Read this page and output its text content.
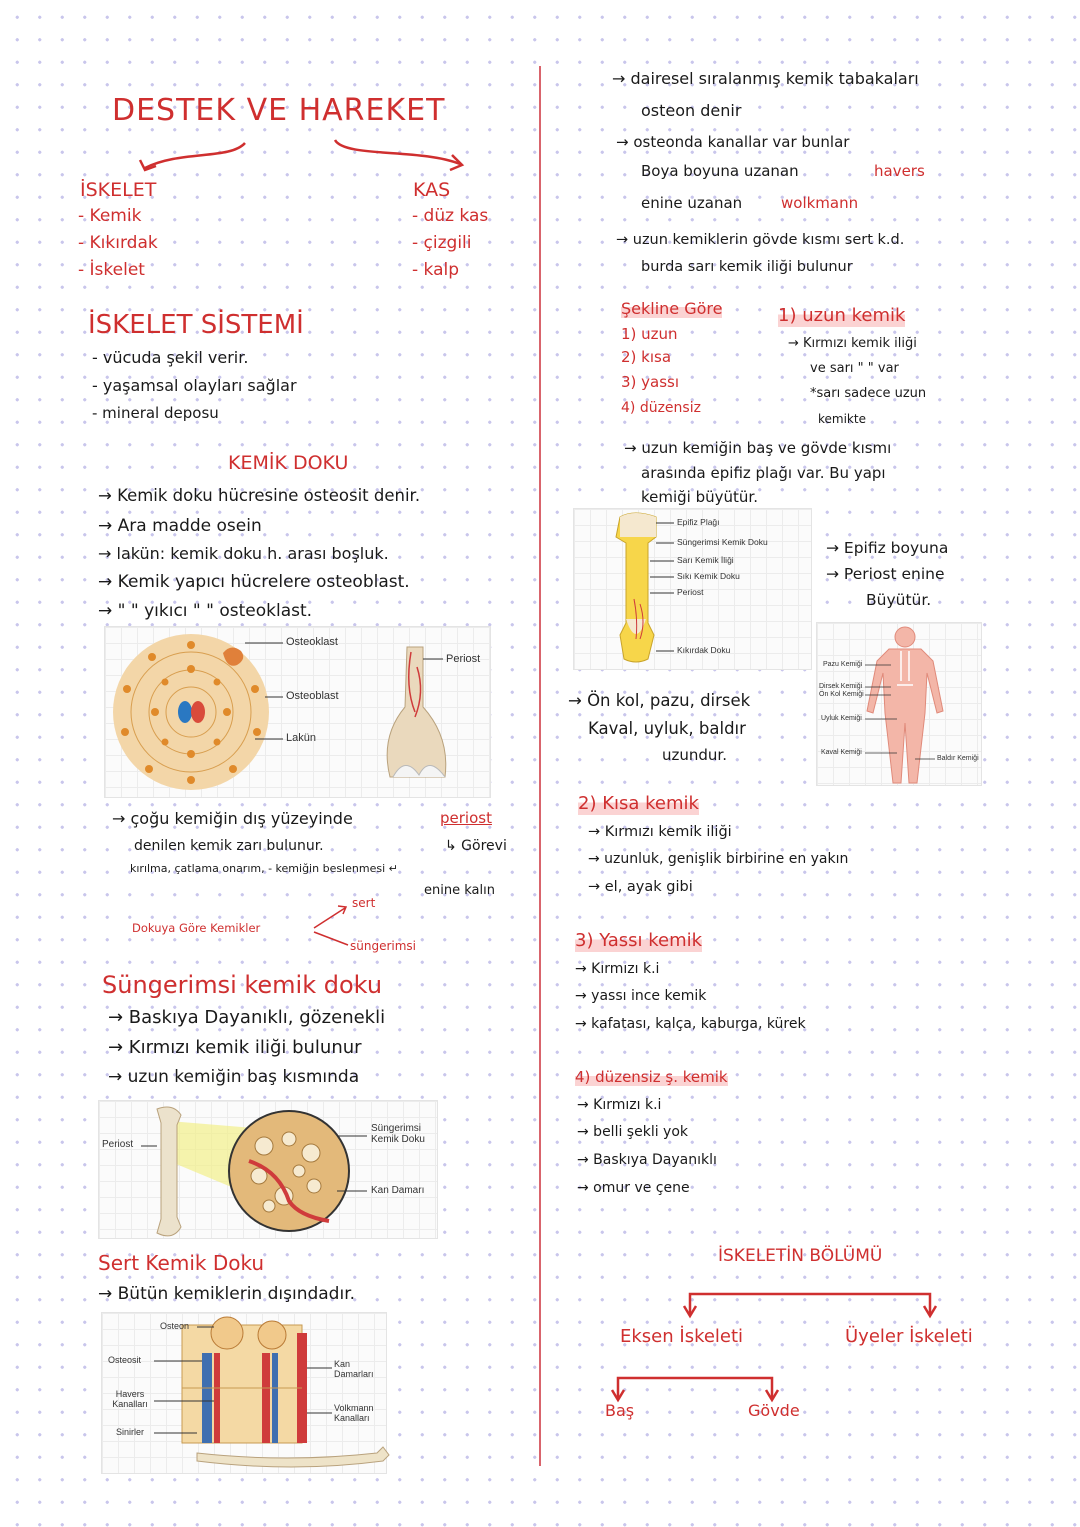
DESTEK VE HAREKET
İSKELET
- Kemik
- Kıkırdak
- İskelet
KAS
- düz kas
- çizgili
- kalp
İSKELET SİSTEMİ
- vücuda şekil verir.
- yaşamsal olayları sağlar
- mineral deposu
KEMİK DOKU
→ Kemik doku hücresine osteosit denir.
→ Ara madde osein
→ lakün: kemik doku h. arası boşluk.
→ Kemik yapıcı hücrelere osteoblast.
→ " " yıkıcı " " osteoklast.
Osteoklast
Osteoblast
Lakün
Periost
→ çoğu kemiğin dış yüzeyinde	periost
denilen kemik zarı bulunur.	↳ Görevi
kırılma, çatlama onarım, - kemiğin beslenmesi ↵
enine kalın
Dokuya Göre Kemikler
sert
süngerimsi
Süngerimsi kemik doku
→ Baskıya Dayanıklı, gözenekli
→ Kırmızı kemik iliği bulunur
→ uzun kemiğin baş kısmında
Periost
Süngerimsi Kemik Doku
Kan Damarı
Sert Kemik Doku
→ Bütün kemiklerin dışındadır.
Osteon
Osteosit
Havers Kanalları
Sinirler
Kan Damarları
Volkmann Kanalları
→ dairesel sıralanmış kemik tabakaları
osteon denir
→ osteonda kanallar var bunlar
Boya boyuna uzanan	havers
enine uzanan	wolkmann
→ uzun kemiklerin gövde kısmı sert k.d.
burda sarı kemik iliği bulunur
Şekline Göre
1) uzun
2) kısa
3) yassı
4) düzensiz
1) uzun kemik
→ Kırmızı kemik iliği
ve sarı " " var
*sarı sadece uzun
kemikte
→ uzun kemiğin baş ve gövde kısmı
arasında epifiz plağı var. Bu yapı
kemiği büyütür.
Epifiz Plağı
Süngerimsi Kemik Doku
Sarı Kemik İliği
Sıkı Kemik Doku
Periost
Kıkırdak Doku
→ Epifiz boyuna
→ Periost enine
Büyütür.
Pazu Kemiği
Dirsek Kemiği
Ön Kol Kemiği
Uyluk Kemiği
Kaval Kemiği
Baldır Kemiği
→ Ön kol, pazu, dirsek
Kaval, uyluk, baldır
uzundur.
2) Kısa kemik
→ Kırmızı kemik iliği
→ uzunluk, genişlik birbirine en yakın
→ el, ayak gibi
3) Yassı kemik
→ Kırmızı k.i
→ yassı ince kemik
→ kafatası, kalça, kaburga, kürek
4) düzensiz ş. kemik
→ Kırmızı k.i
→ belli şekli yok
→ Baskıya Dayanıklı
→ omur ve çene
İSKELETİN BÖLÜMÜ
Eksen İskeleti	Üyeler İskeleti
Baş	Gövde
